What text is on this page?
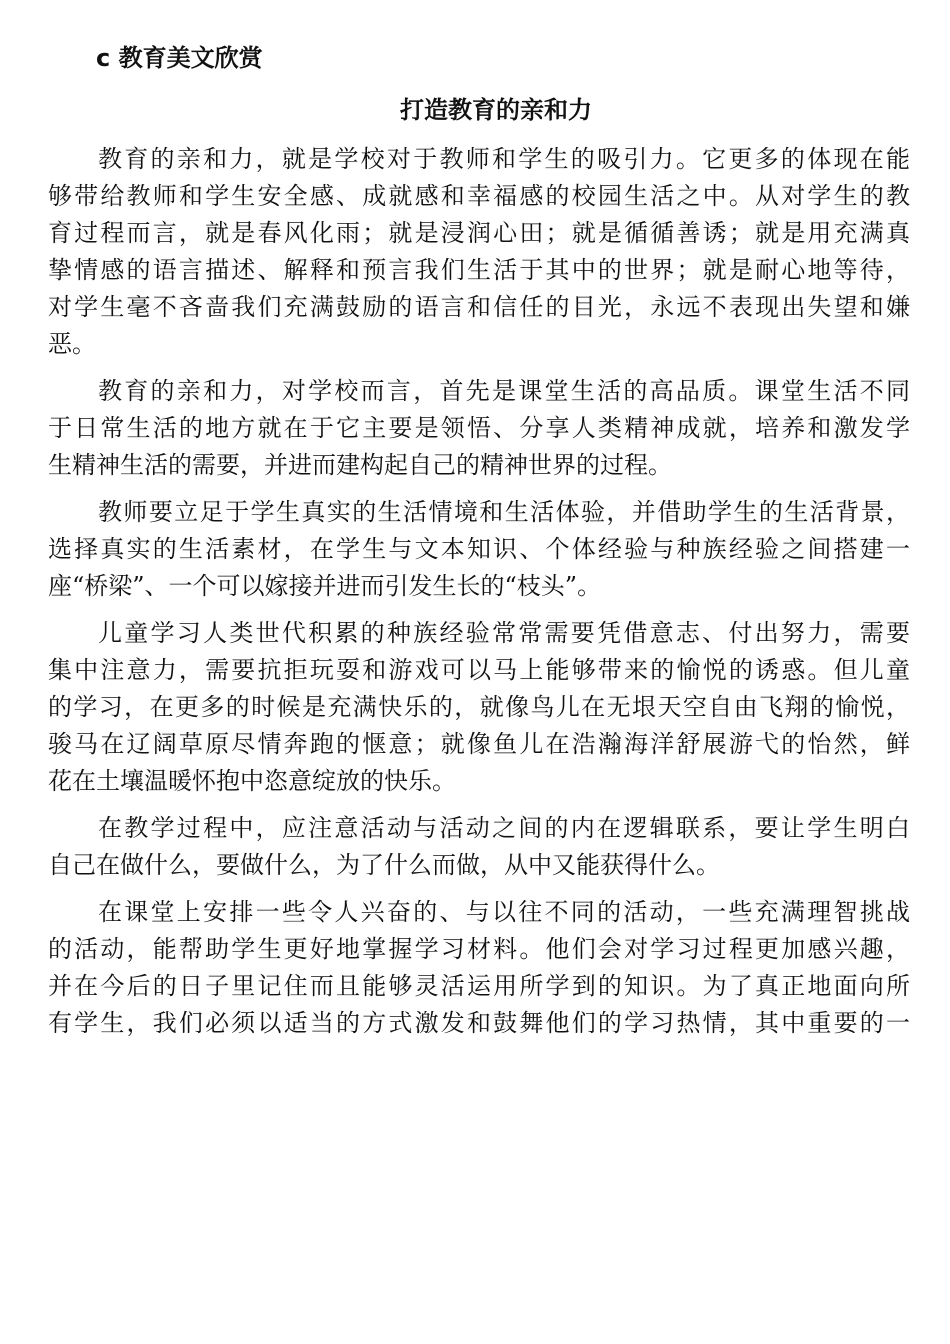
c 教育美文欣赏
打造教育的亲和力
教育的亲和力，就是学校对于教师和学生的吸引力。它更多的体现在能
够带给教师和学生安全感、成就感和幸福感的校园生活之中。从对学生的教
育过程而言，就是春风化雨；就是浸润心田；就是循循善诱；就是用充满真
挚情感的语言描述、解释和预言我们生活于其中的世界；就是耐心地等待，
对学生毫不吝啬我们充满鼓励的语言和信任的目光，永远不表现出失望和嫌
恶。
教育的亲和力，对学校而言，首先是课堂生活的高品质。课堂生活不同
于日常生活的地方就在于它主要是领悟、分享人类精神成就，培养和激发学
生精神生活的需要，并进而建构起自己的精神世界的过程。
教师要立足于学生真实的生活情境和生活体验，并借助学生的生活背景，
选择真实的生活素材，在学生与文本知识、个体经验与种族经验之间搭建一
座“桥梁”、一个可以嫁接并进而引发生长的“枝头”。
儿童学习人类世代积累的种族经验常常需要凭借意志、付出努力，需要
集中注意力，需要抗拒玩耍和游戏可以马上能够带来的愉悦的诱惑。但儿童
的学习，在更多的时候是充满快乐的，就像鸟儿在无垠天空自由飞翔的愉悦，
骏马在辽阔草原尽情奔跑的惬意；就像鱼儿在浩瀚海洋舒展游弋的怡然，鲜
花在土壤温暖怀抱中恣意绽放的快乐。
在教学过程中，应注意活动与活动之间的内在逻辑联系，要让学生明白
自己在做什么，要做什么，为了什么而做，从中又能获得什么。
在课堂上安排一些令人兴奋的、与以往不同的活动，一些充满理智挑战
的活动，能帮助学生更好地掌握学习材料。他们会对学习过程更加感兴趣，
并在今后的日子里记住而且能够灵活运用所学到的知识。为了真正地面向所
有学生，我们必须以适当的方式激发和鼓舞他们的学习热情，其中重要的一
